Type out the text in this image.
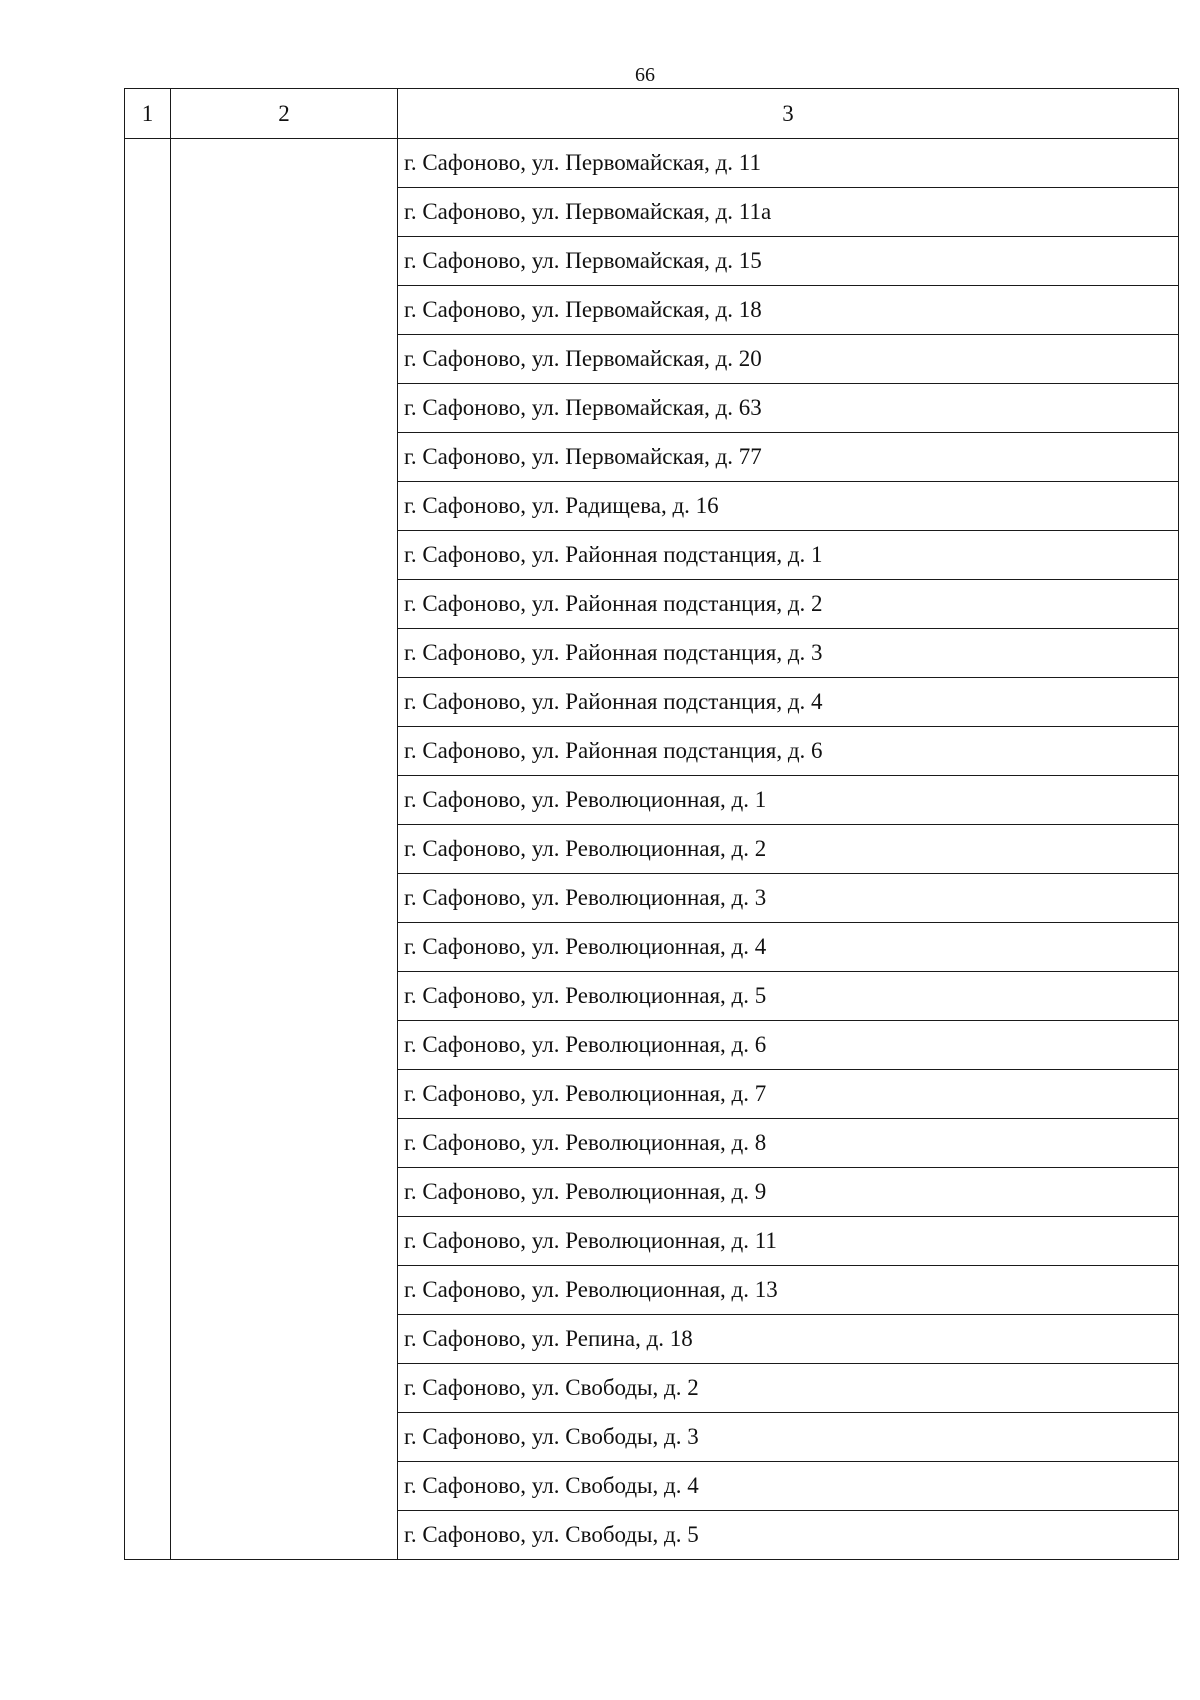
66
1	2	3
		г. Сафоново, ул. Первомайская, д. 11
		г. Сафоново, ул. Первомайская, д. 11а
		г. Сафоново, ул. Первомайская, д. 15
		г. Сафоново, ул. Первомайская, д. 18
		г. Сафоново, ул. Первомайская, д. 20
		г. Сафоново, ул. Первомайская, д. 63
		г. Сафоново, ул. Первомайская, д. 77
		г. Сафоново, ул. Радищева, д. 16
		г. Сафоново, ул. Районная подстанция, д. 1
		г. Сафоново, ул. Районная подстанция, д. 2
		г. Сафоново, ул. Районная подстанция, д. 3
		г. Сафоново, ул. Районная подстанция, д. 4
		г. Сафоново, ул. Районная подстанция, д. 6
		г. Сафоново, ул. Революционная, д. 1
		г. Сафоново, ул. Революционная, д. 2
		г. Сафоново, ул. Революционная, д. 3
		г. Сафоново, ул. Революционная, д. 4
		г. Сафоново, ул. Революционная, д. 5
		г. Сафоново, ул. Революционная, д. 6
		г. Сафоново, ул. Революционная, д. 7
		г. Сафоново, ул. Революционная, д. 8
		г. Сафоново, ул. Революционная, д. 9
		г. Сафоново, ул. Революционная, д. 11
		г. Сафоново, ул. Революционная, д. 13
		г. Сафоново, ул. Репина, д. 18
		г. Сафоново, ул. Свободы, д. 2
		г. Сафоново, ул. Свободы, д. 3
		г. Сафоново, ул. Свободы, д. 4
		г. Сафоново, ул. Свободы, д. 5
